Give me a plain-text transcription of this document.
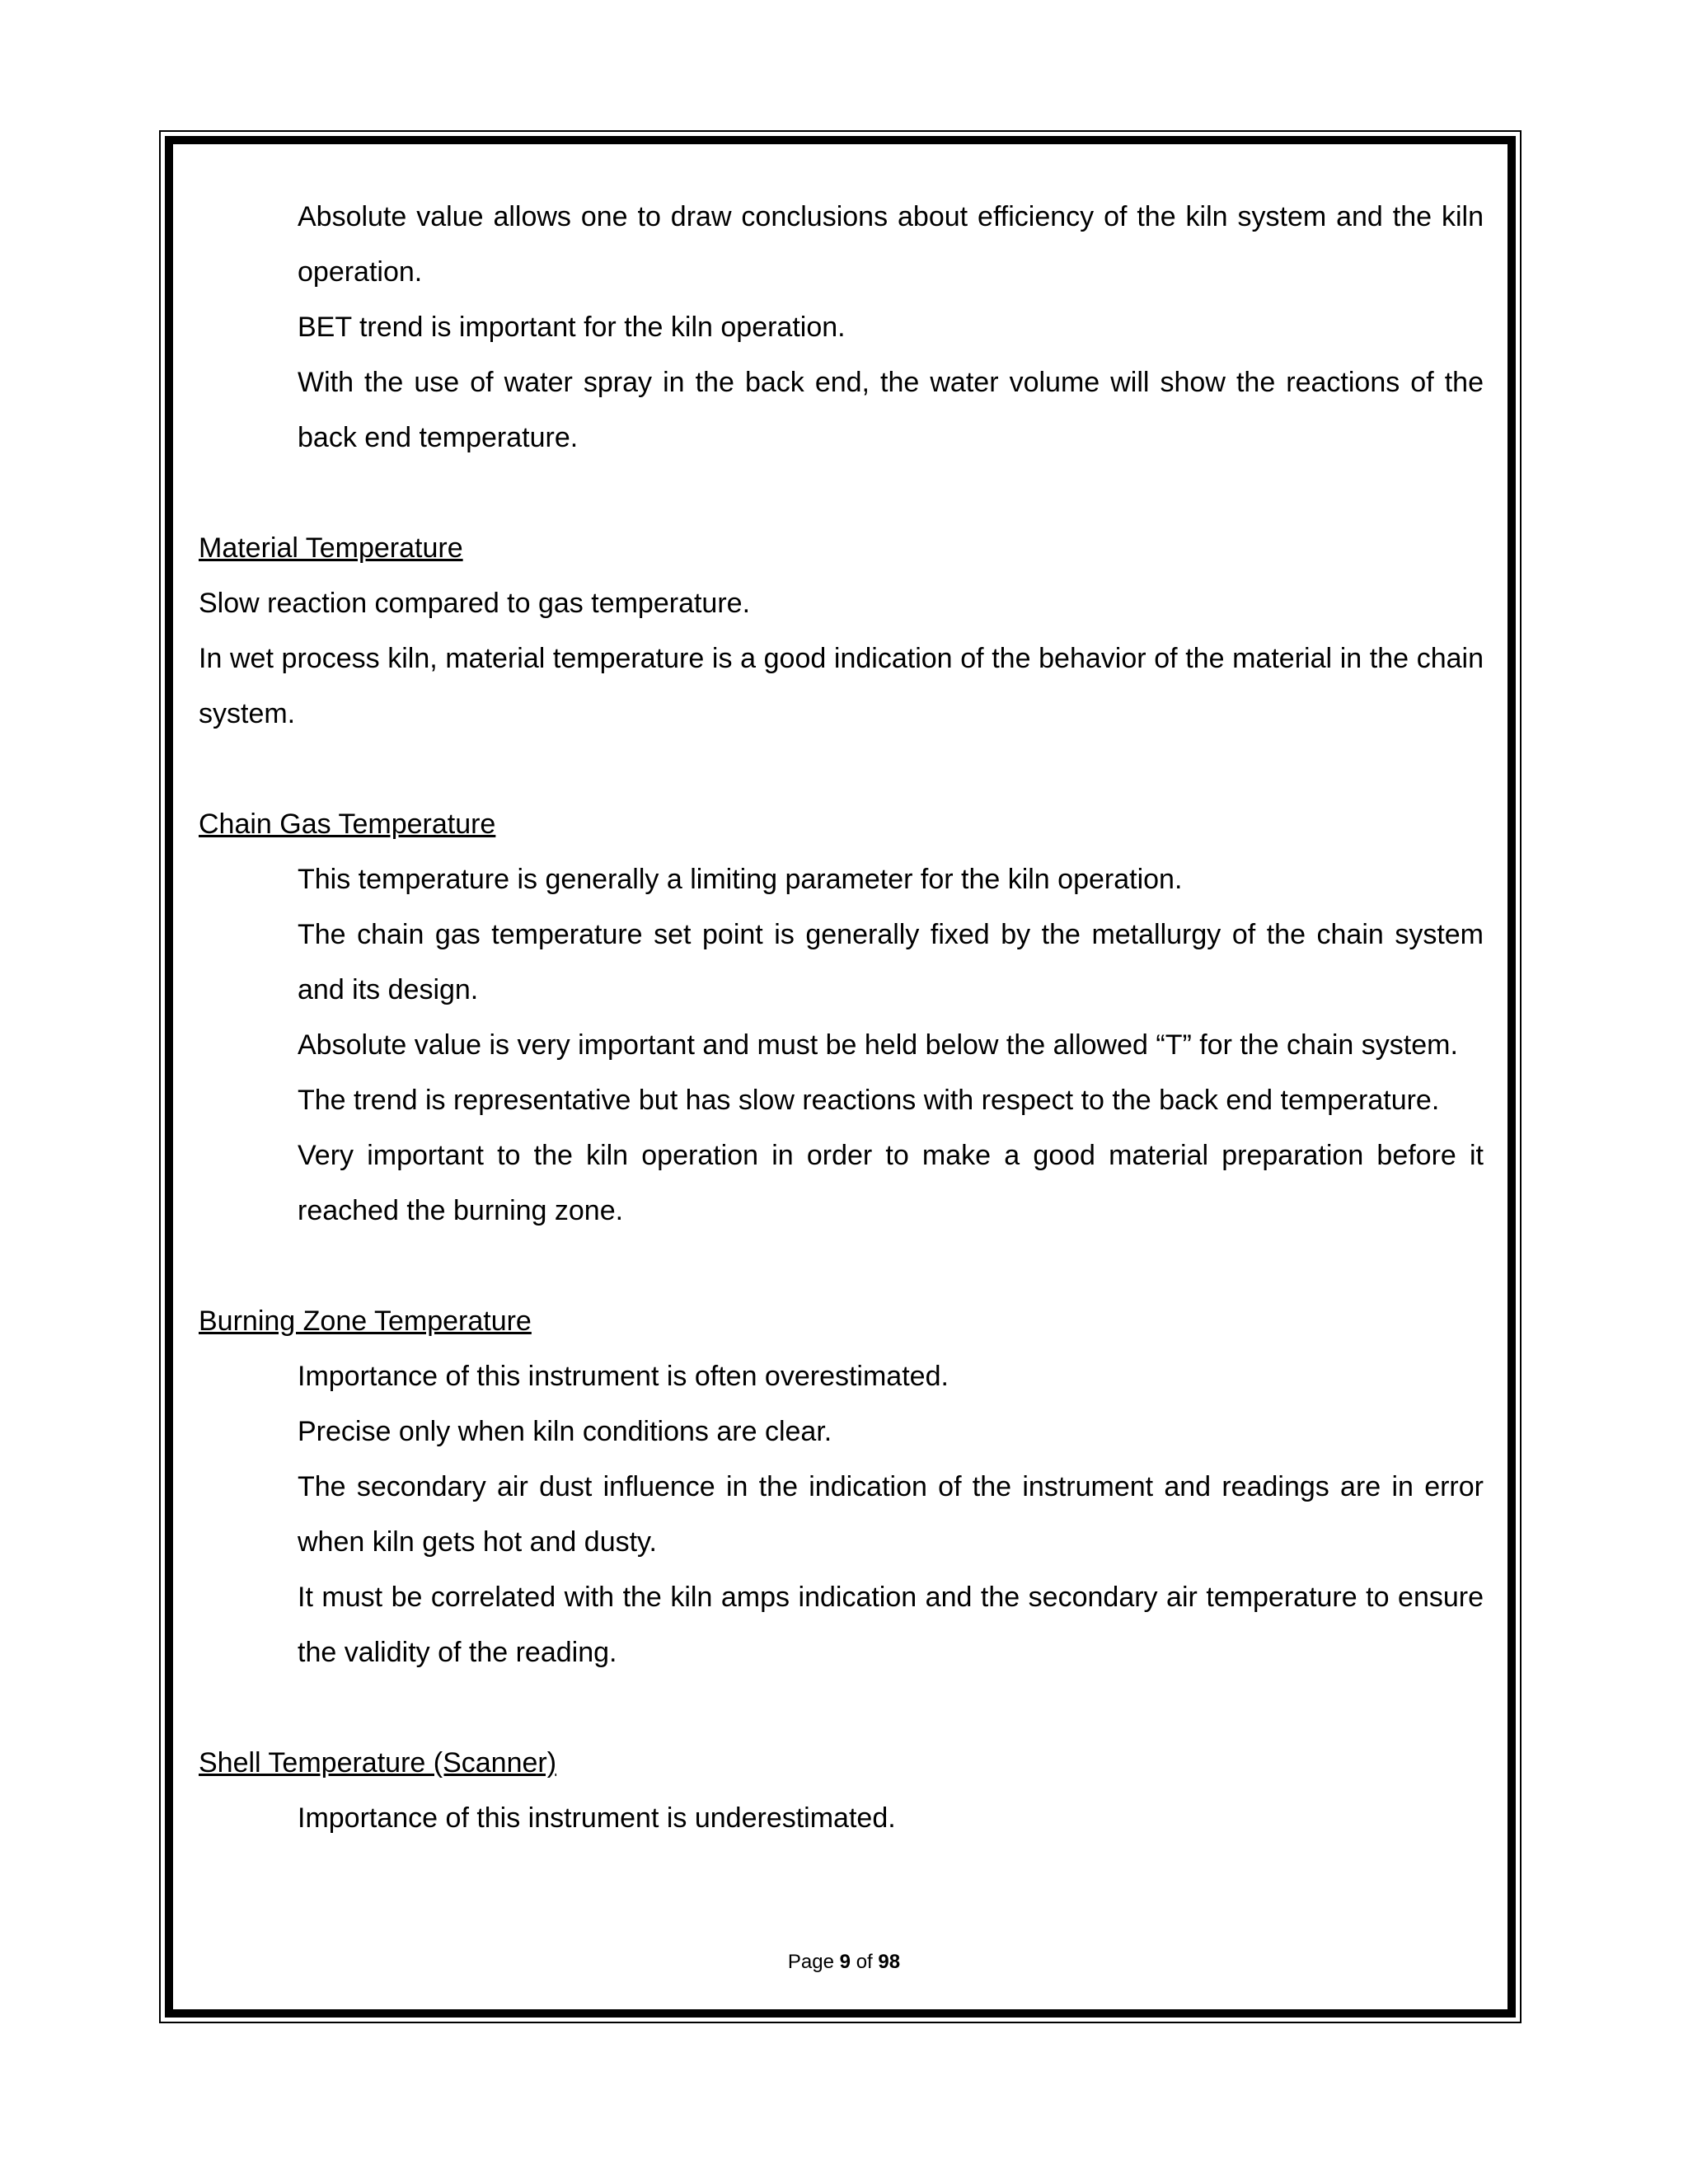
Absolute value allows one to draw conclusions about efficiency of the kiln system and the kiln operation.

BET trend is important for the kiln operation.

With the use of water spray in the back end, the water volume will show the reactions of the back end temperature.

Material Temperature

Slow reaction compared to gas temperature.

In wet process kiln, material temperature is a good indication of the behavior of the material in the chain system.

Chain Gas Temperature

This temperature is generally a limiting parameter for the kiln operation.

The chain gas temperature set point is generally fixed by the metallurgy of the chain system and its design.

Absolute value is very important and must be held below the allowed “T” for the chain system.

The trend is representative but has slow reactions with respect to the back end temperature.

Very important to the kiln operation in order to make a good material preparation before it reached the burning zone.

Burning Zone Temperature

Importance of this instrument is often overestimated.

Precise only when kiln conditions are clear.

The secondary air dust influence in the indication of the instrument and readings are in error when kiln gets hot and dusty.

It must be correlated with the kiln amps indication and the secondary air temperature to ensure the validity of the reading.

Shell Temperature (Scanner)

Importance of this instrument is underestimated.

Page 9 of 98
